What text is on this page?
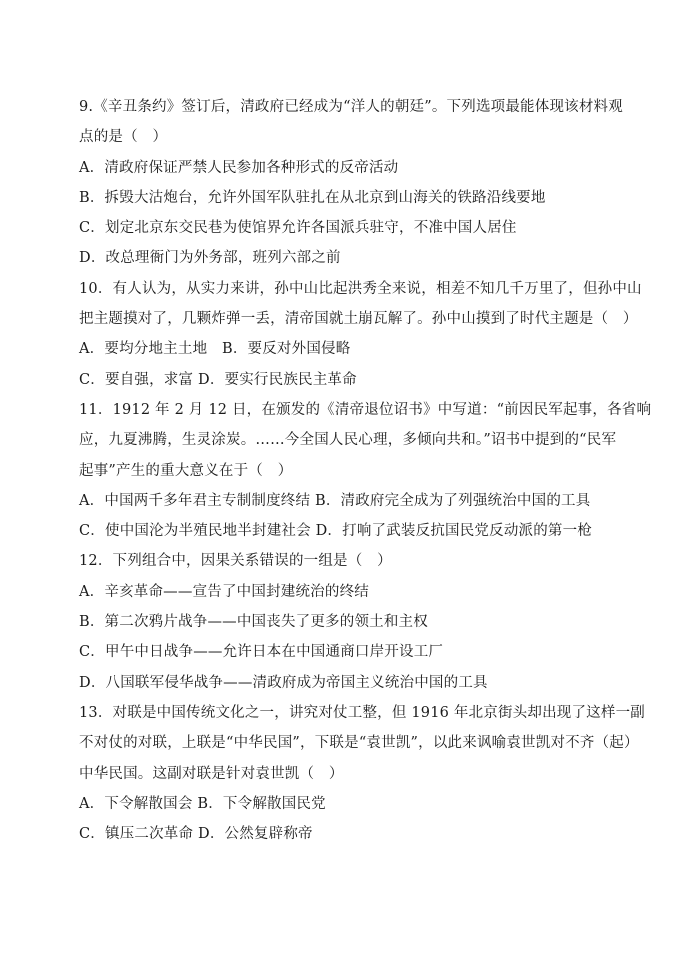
9.《辛丑条约》签订后，清政府已经成为“洋人的朝廷”。下列选项最能体现该材料观
点的是（　）
A．清政府保证严禁人民参加各种形式的反帝活动
B．拆毁大沽炮台，允许外国军队驻扎在从北京到山海关的铁路沿线要地
C．划定北京东交民巷为使馆界允许各国派兵驻守，不准中国人居住
D．改总理衙门为外务部，班列六部之前
10．有人认为，从实力来讲，孙中山比起洪秀全来说，相差不知几千万里了，但孙中山
把主题摸对了，几颗炸弹一丢，清帝国就土崩瓦解了。孙中山摸到了时代主题是（　）
A．要均分地主土地　B．要反对外国侵略
C．要自强，求富 D．要实行民族民主革命
11．1912 年 2 月 12 日，在颁发的《清帝退位诏书》中写道：“前因民军起事，各省响
应，九夏沸腾，生灵涂炭。……今全国人民心理，多倾向共和。”诏书中提到的“民军
起事”产生的重大意义在于（　）
A．中国两千多年君主专制制度终结 B．清政府完全成为了列强统治中国的工具
C．使中国沦为半殖民地半封建社会 D．打响了武装反抗国民党反动派的第一枪
12．下列组合中，因果关系错误的一组是（　）
A．辛亥革命——宣告了中国封建统治的终结
B．第二次鸦片战争——中国丧失了更多的领土和主权
C．甲午中日战争——允许日本在中国通商口岸开设工厂
D．八国联军侵华战争——清政府成为帝国主义统治中国的工具
13．对联是中国传统文化之一，讲究对仗工整，但 1916 年北京街头却出现了这样一副
不对仗的对联，上联是“中华民国”，下联是“袁世凯”，以此来讽喻袁世凯对不齐（起）
中华民国。这副对联是针对袁世凯（　）
A．下令解散国会 B．下令解散国民党
C．镇压二次革命 D．公然复辟称帝
